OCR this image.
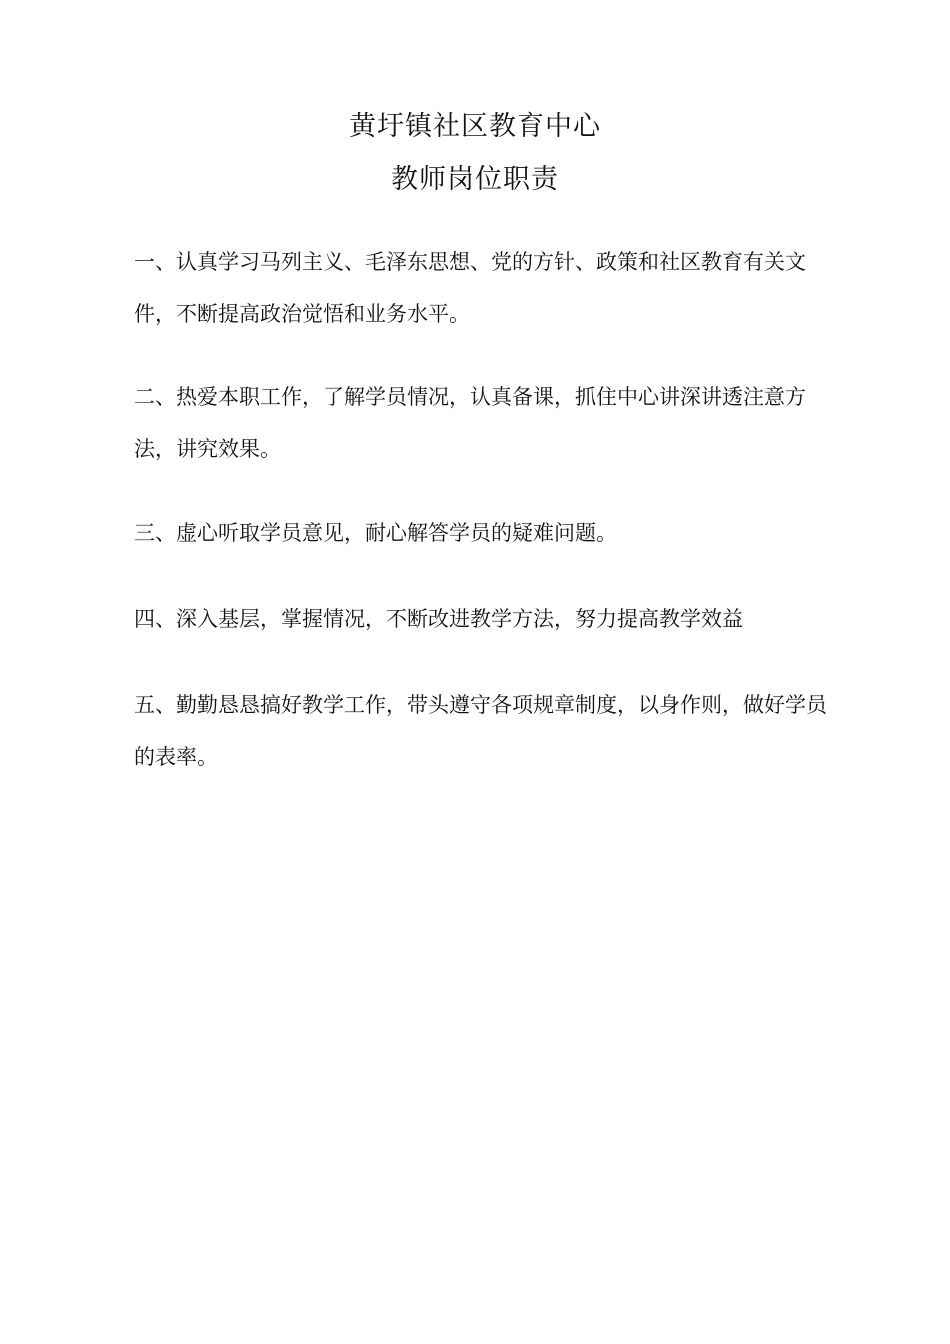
黄圩镇社区教育中心
教师岗位职责
一、认真学习马列主义、毛泽东思想、党的方针、政策和社区教育有关文件，不断提高政治觉悟和业务水平。
二、热爱本职工作，了解学员情况，认真备课，抓住中心讲深讲透注意方法，讲究效果。
三、虚心听取学员意见，耐心解答学员的疑难问题。
四、深入基层，掌握情况，不断改进教学方法，努力提高教学效益
五、勤勤恳恳搞好教学工作，带头遵守各项规章制度，以身作则，做好学员的表率。
